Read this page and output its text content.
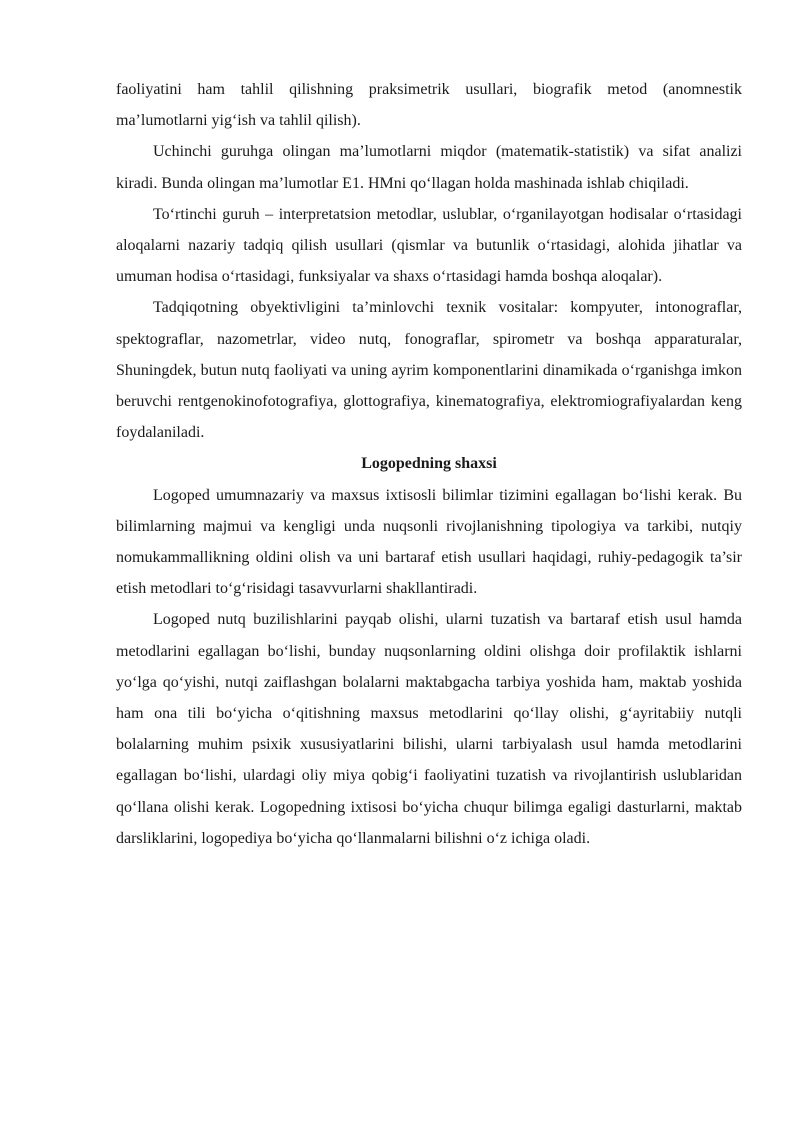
faoliyatini ham tahlil qilishning praksimetrik usullari, biografik metod (anomnestik ma’lumotlarni yig‘ish va tahlil qilish).

Uchinchi guruhga olingan ma’lumotlarni miqdor (matematik-statistik) va sifat analizi kiradi. Bunda olingan ma’lumotlar E1. HMni qo‘llagan holda mashinada ishlab chiqiladi.

To‘rtinchi guruh – interpretatsion metodlar, uslublar, o‘rganilayotgan hodisalar o‘rtasidagi aloqalarni nazariy tadqiq qilish usullari (qismlar va butunlik o‘rtasidagi, alohida jihatlar va umuman hodisa o‘rtasidagi, funksiyalar va shaxs o‘rtasidagi hamda boshqa aloqalar).

Tadqiqotning obyektivligini ta’minlovchi texnik vositalar: kompyuter, intonograflar, spektograflar, nazometrlar, video nutq, fonograflar, spirometr va boshqa apparaturalar, Shuningdek, butun nutq faoliyati va uning ayrim komponentlarini dinamikada o‘rganishga imkon beruvchi rentgenokinofotografiya, glottografiya, kinematografiya, elektromiografiyalardan keng foydalaniladi.

Logopedning shaxsi

Logoped umumnazariy va maxsus ixtisosli bilimlar tizimini egallagan bo‘lishi kerak. Bu bilimlarning majmui va kengligi unda nuqsonli rivojlanishning tipologiya va tarkibi, nutqiy nomukammallikning oldini olish va uni bartaraf etish usullari haqidagi, ruhiy-pedagogik ta’sir etish metodlari to‘g‘risidagi tasavvurlarni shakllantiradi.

Logoped nutq buzilishlarini payqab olishi, ularni tuzatish va bartaraf etish usul hamda metodlarini egallagan bo‘lishi, bunday nuqsonlarning oldini olishga doir profilaktik ishlarni yo‘lga qo‘yishi, nutqi zaiflashgan bolalarni maktabgacha tarbiya yoshida ham, maktab yoshida ham ona tili bo‘yicha o‘qitishning maxsus metodlarini qo‘llay olishi, g‘ayritabiiy nutqli bolalarning muhim psixik xususiyatlarini bilishi, ularni tarbiyalash usul hamda metodlarini egallagan bo‘lishi, ulardagi oliy miya qobig‘i faoliyatini tuzatish va rivojlantirish uslublaridan qo‘llana olishi kerak. Logopedning ixtisosi bo‘yicha chuqur bilimga egaligi dasturlarni, maktab darsliklarini, logopediya bo‘yicha qo‘llanmalarni bilishni o‘z ichiga oladi.
